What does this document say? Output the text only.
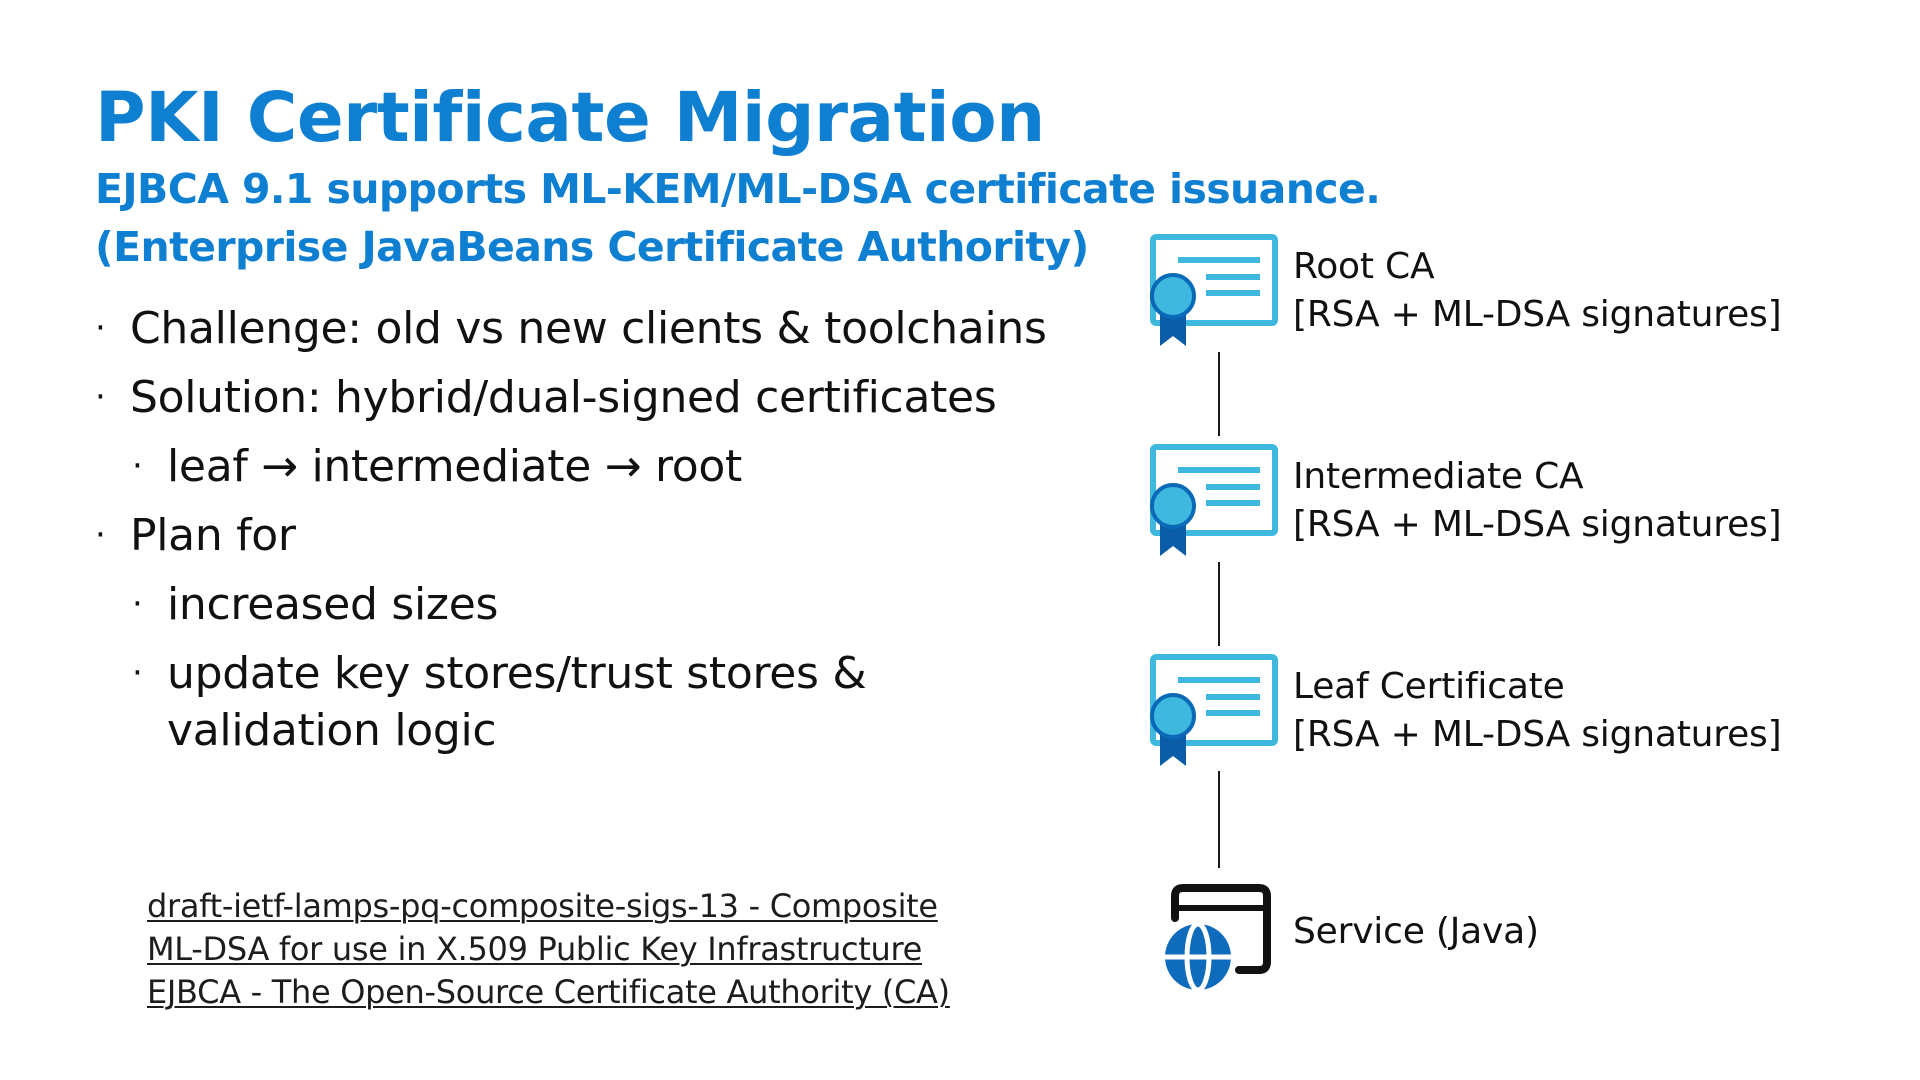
PKI Certificate Migration
EJBCA 9.1 supports ML-KEM/ML-DSA certificate issuance.
(Enterprise JavaBeans Certificate Authority)
· Challenge: old vs new clients & toolchains
· Solution: hybrid/dual-signed certificates
· leaf → intermediate → root
· Plan for
· increased sizes
· update key stores/trust stores & validation logic
draft-ietf-lamps-pq-composite-sigs-13 - Composite
ML-DSA for use in X.509 Public Key Infrastructure
EJBCA - The Open-Source Certificate Authority (CA)
Root CA
[RSA + ML-DSA signatures]
Intermediate CA
[RSA + ML-DSA signatures]
Leaf Certificate
[RSA + ML-DSA signatures]
Service (Java)
